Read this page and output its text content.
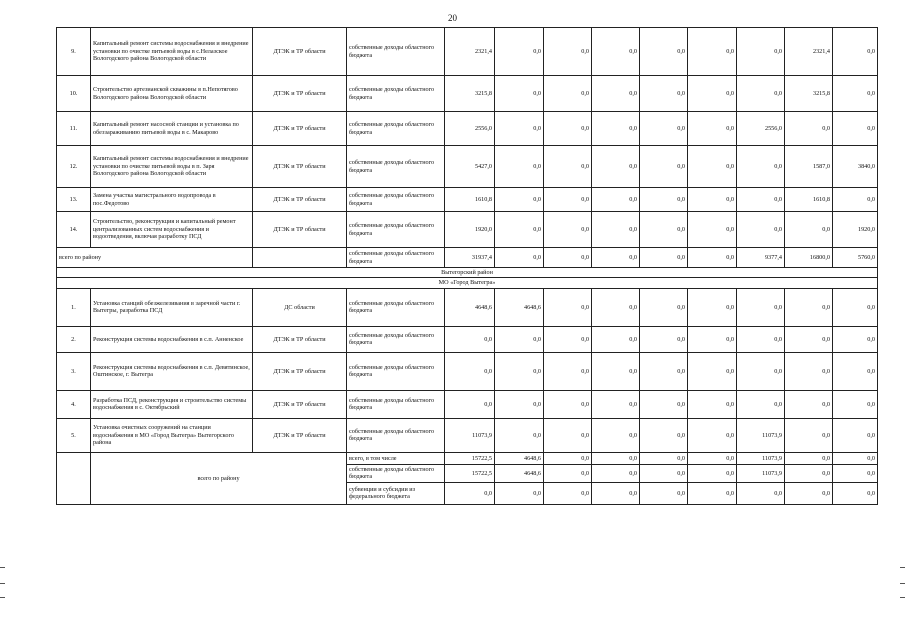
20
9.	Капитальный ремонт системы водоснабжения и внедрение установки по очистке питьевой воды в с.Нелазское Вологодского района Вологодской области	ДТЭК и ТР области	собственные доходы областного бюджета	2321,4	0,0	0,0	0,0	0,0	0,0	0,0	2321,4	0,0
10.	Строительство артезианской скважины в п.Непотягово Вологодского района Вологодской области	ДТЭК и ТР области	собственные доходы областного бюджета	3215,8	0,0	0,0	0,0	0,0	0,0	0,0	3215,8	0,0
11.	Капитальный ремонт насосной станции и установка по обеззараживанию питьевой воды в с. Макарово	ДТЭК и ТР области	собственные доходы областного бюджета	2556,0	0,0	0,0	0,0	0,0	0,0	2556,0	0,0	0,0
12.	Капитальный ремонт системы водоснабжения и внедрение установки по очистке питьевой воды в п. Заря Вологодского района Вологодской области	ДТЭК и ТР области	собственные доходы областного бюджета	5427,0	0,0	0,0	0,0	0,0	0,0	0,0	1587,0	3840,0
13.	Замена участка магистрального водопровода в пос.Федотово	ДТЭК и ТР области	собственные доходы областного бюджета	1610,8	0,0	0,0	0,0	0,0	0,0	0,0	1610,8	0,0
14.	Строительство, реконструкция и капитальный ремонт централизованных систем водоснабжения и водоотведения, включая разработку ПСД	ДТЭК и ТР области	собственные доходы областного бюджета	1920,0	0,0	0,0	0,0	0,0	0,0	0,0	0,0	1920,0
всего по району			собственные доходы областного бюджета	31937,4	0,0	0,0	0,0	0,0	0,0	9377,4	16800,0	5760,0
Вытегорский район												
МО «Город Вытегра»												
1.	Установка станций обезжелезивания в заречной части г. Вытегры, разработка ПСД	ДС области	собственные доходы областного бюджета	4648,6	4648,6	0,0	0,0	0,0	0,0	0,0	0,0	0,0
2.	Реконструкция системы водоснабжения в с.п. Анненское	ДТЭК и ТР области	собственные доходы областного бюджета	0,0	0,0	0,0	0,0	0,0	0,0	0,0	0,0	0,0
3.	Реконструкция системы водоснабжения в с.п. Девятинское, Оштинское, г. Вытегра	ДТЭК и ТР области	собственные доходы областного бюджета	0,0	0,0	0,0	0,0	0,0	0,0	0,0	0,0	0,0
4.	Разработка ПСД, реконструкция и строительство системы водоснабжения в с. Октябрьский	ДТЭК и ТР области	собственные доходы областного бюджета	0,0	0,0	0,0	0,0	0,0	0,0	0,0	0,0	0,0
5.	Установка очистных сооружений на станции водоснабжения в МО «Город Вытегра» Вытегорского района	ДТЭК и ТР области	собственные доходы областного бюджета	11073,9	0,0	0,0	0,0	0,0	0,0	11073,9	0,0	0,0
	всего по району		всего, в том числе	15722,5	4648,6	0,0	0,0	0,0	0,0	11073,9	0,0	0,0
			собственные доходы областного бюджета	15722,5	4648,6	0,0	0,0	0,0	0,0	11073,9	0,0	0,0
			субвенции и субсидии из федерального бюджета	0,0	0,0	0,0	0,0	0,0	0,0	0,0	0,0	0,0
